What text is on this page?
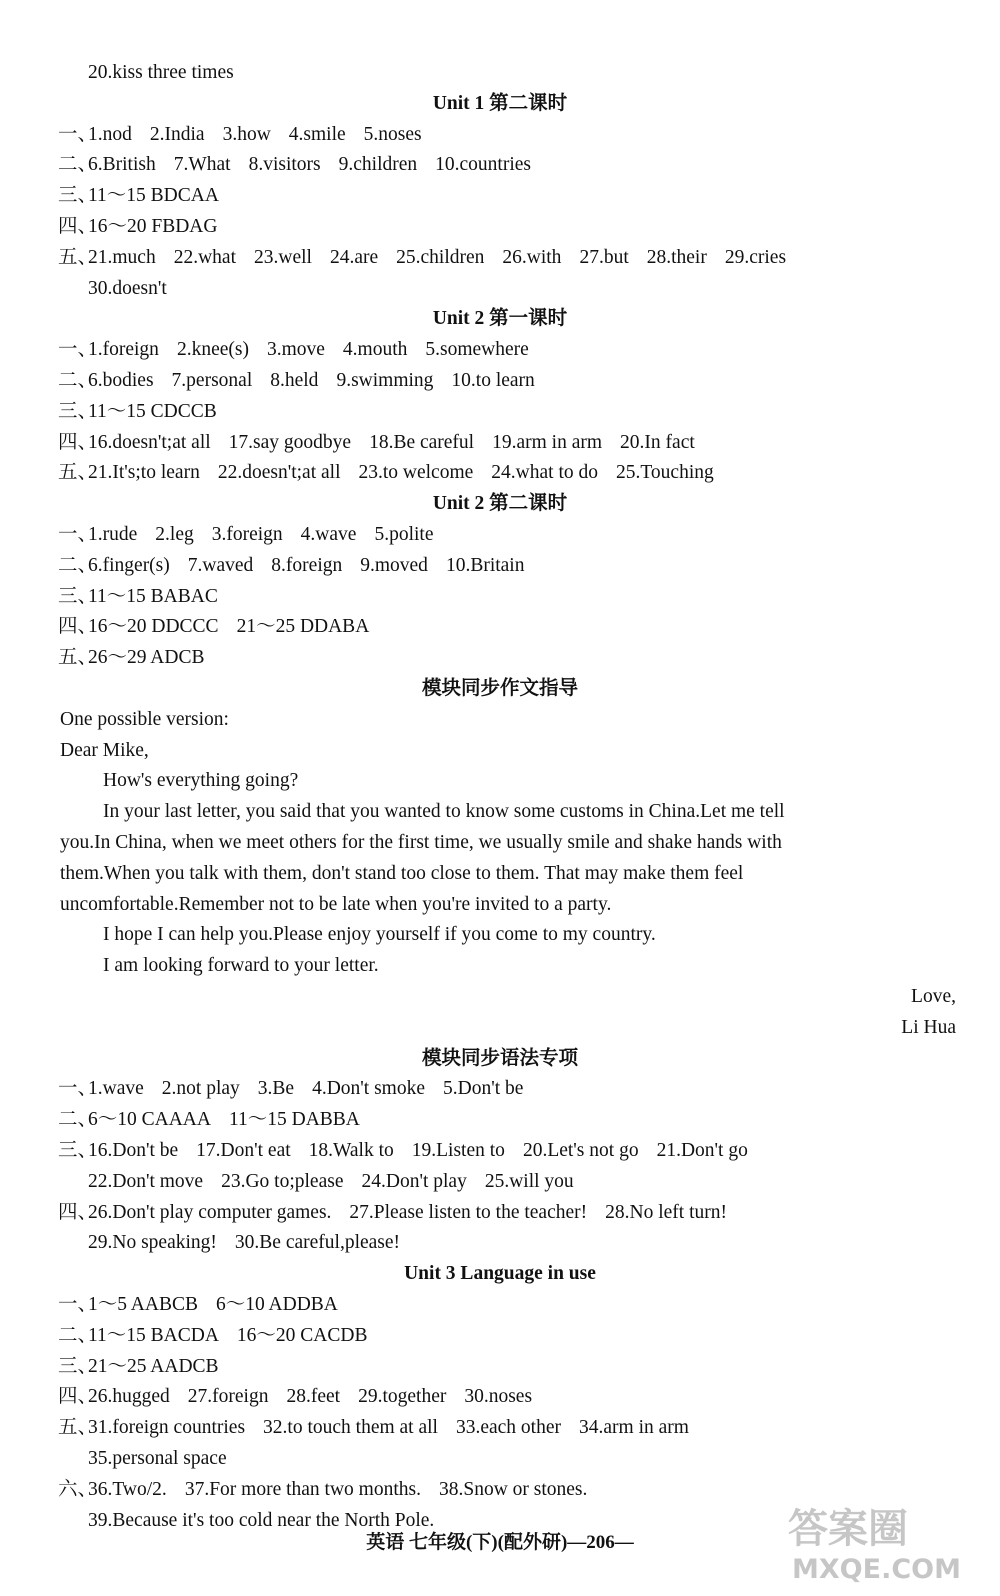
20.kiss three times
Unit 1 第二课时
一、1.nod 2.India 3.how 4.smile 5.noses
二、6.British 7.What 8.visitors 9.children 10.countries
三、11～15 BDCAA
四、16～20 FBDAG
五、21.much 22.what 23.well 24.are 25.children 26.with 27.but 28.their 29.cries
30.doesn't
Unit 2 第一课时
一、1.foreign 2.knee(s) 3.move 4.mouth 5.somewhere
二、6.bodies 7.personal 8.held 9.swimming 10.to learn
三、11～15 CDCCB
四、16.doesn't;at all 17.say goodbye 18.Be careful 19.arm in arm 20.In fact
五、21.It's;to learn 22.doesn't;at all 23.to welcome 24.what to do 25.Touching
Unit 2 第二课时
一、1.rude 2.leg 3.foreign 4.wave 5.polite
二、6.finger(s) 7.waved 8.foreign 9.moved 10.Britain
三、11～15 BABAC
四、16～20 DDCCC 21～25 DDABA
五、26～29 ADCB
模块同步作文指导
One possible version:
Dear Mike,
How's everything going?
In your last letter, you said that you wanted to know some customs in China.Let me tell
you.In China, when we meet others for the first time, we usually smile and shake hands with
them.When you talk with them, don't stand too close to them. That may make them feel
uncomfortable.Remember not to be late when you're invited to a party.
I hope I can help you.Please enjoy yourself if you come to my country.
I am looking forward to your letter.
Love,
Li Hua
模块同步语法专项
一、1.wave 2.not play 3.Be 4.Don't smoke 5.Don't be
二、6～10 CAAAA 11～15 DABBA
三、16.Don't be 17.Don't eat 18.Walk to 19.Listen to 20.Let's not go 21.Don't go
22.Don't move 23.Go to;please 24.Don't play 25.will you
四、26.Don't play computer games. 27.Please listen to the teacher! 28.No left turn!
29.No speaking! 30.Be careful,please!
Unit 3 Language in use
一、1～5 AABCB 6～10 ADDBA
二、11～15 BACDA 16～20 CACDB
三、21～25 AADCB
四、26.hugged 27.foreign 28.feet 29.together 30.noses
五、31.foreign countries 32.to touch them at all 33.each other 34.arm in arm
35.personal space
六、36.Two/2. 37.For more than two months. 38.Snow or stones.
39.Because it's too cold near the North Pole.
英语 七年级(下)(配外研)—206—	答案圈
MXQE.COM
